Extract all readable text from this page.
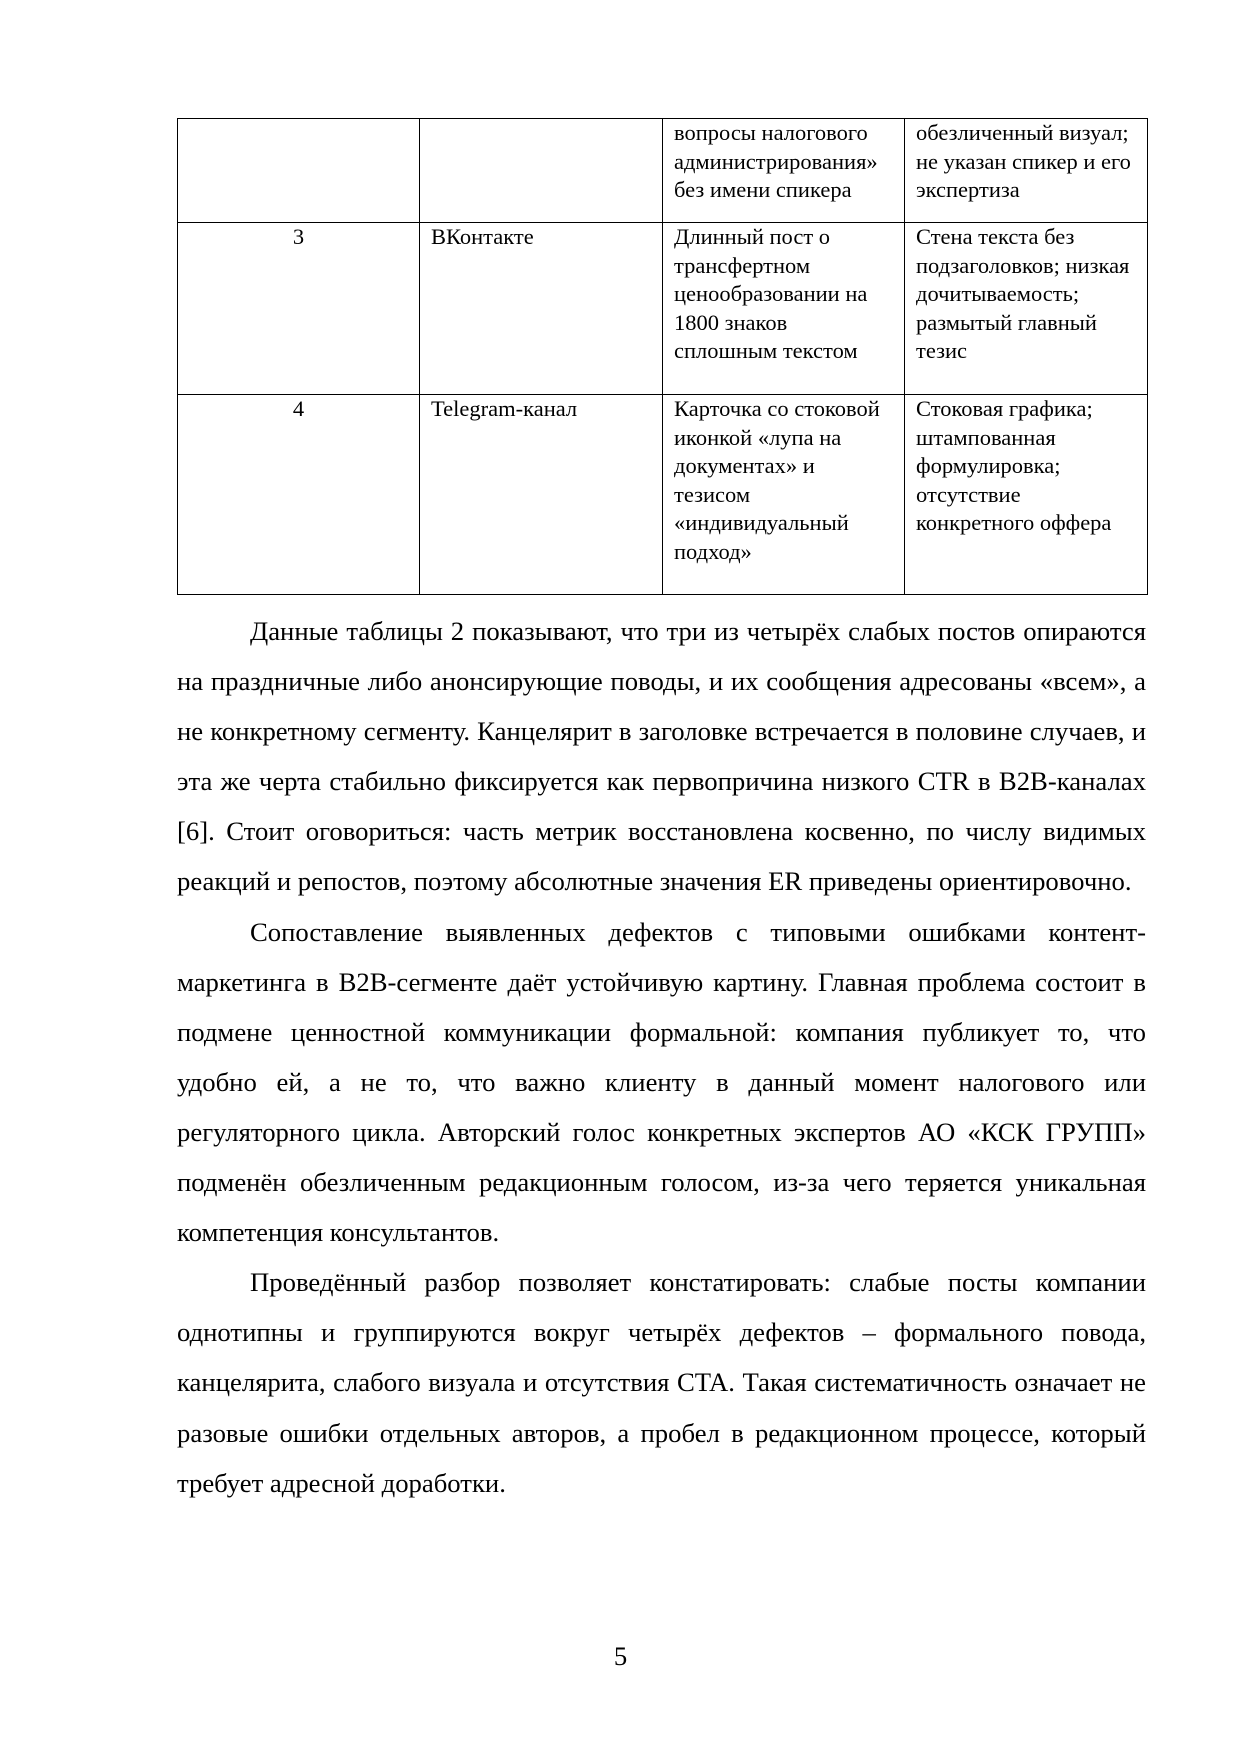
		вопросы налогового администрирования» без имени спикера	обезличенный визуал; не указан спикер и его экспертиза
3	ВКонтакте	Длинный пост о трансфертном ценообразовании на 1800 знаков сплошным текстом	Стена текста без подзаголовков; низкая дочитываемость; размытый главный тезис
4	Telegram-канал	Карточка со стоковой иконкой «лупа на документах» и тезисом «индивидуальный подход»	Стоковая графика; штампованная формулировка; отсутствие конкретного оффера

Данные таблицы 2 показывают, что три из четырёх слабых постов опираются на праздничные либо анонсирующие поводы, и их сообщения адресованы «всем», а не конкретному сегменту. Канцелярит в заголовке встречается в половине случаев, и эта же черта стабильно фиксируется как первопричина низкого CTR в B2B-каналах [6]. Стоит оговориться: часть метрик восстановлена косвенно, по числу видимых реакций и репостов, поэтому абсолютные значения ER приведены ориентировочно.

Сопоставление выявленных дефектов с типовыми ошибками контент-маркетинга в B2B-сегменте даёт устойчивую картину. Главная проблема состоит в подмене ценностной коммуникации формальной: компания публикует то, что удобно ей, а не то, что важно клиенту в данный момент налогового или регуляторного цикла. Авторский голос конкретных экспертов АО «КСК ГРУПП» подменён обезличенным редакционным голосом, из-за чего теряется уникальная компетенция консультантов.

Проведённый разбор позволяет констатировать: слабые посты компании однотипны и группируются вокруг четырёх дефектов – формального повода, канцелярита, слабого визуала и отсутствия CTA. Такая систематичность означает не разовые ошибки отдельных авторов, а пробел в редакционном процессе, который требует адресной доработки.

5
